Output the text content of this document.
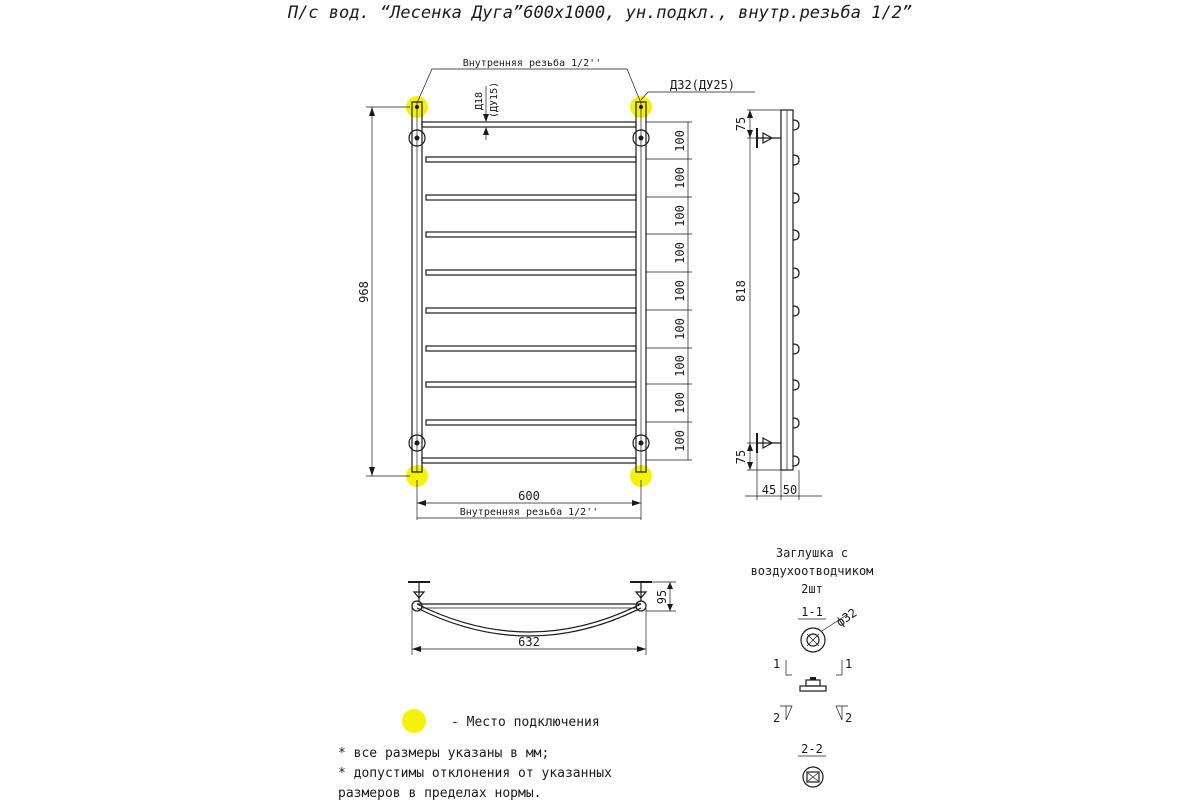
П/с вод. “Лесенка Дуга”600х1000, ун.подкл., внутр.резьба 1/2”
Внутренняя резьба 1/2''
Д18 (ДУ15)
968
600
Внутренняя резьба 1/2''
100
100
100
100
100
100
100
100
100
Д32(ДУ25)
75
818
75
45 50
95
632
Заглушка с
воздухоотводчиком
2шт
1-1 ф32
1	1
2	2
2-2
- Место подключения
* все размеры указаны в мм;
* допустимы отклонения от указанных
размеров в пределах нормы.
